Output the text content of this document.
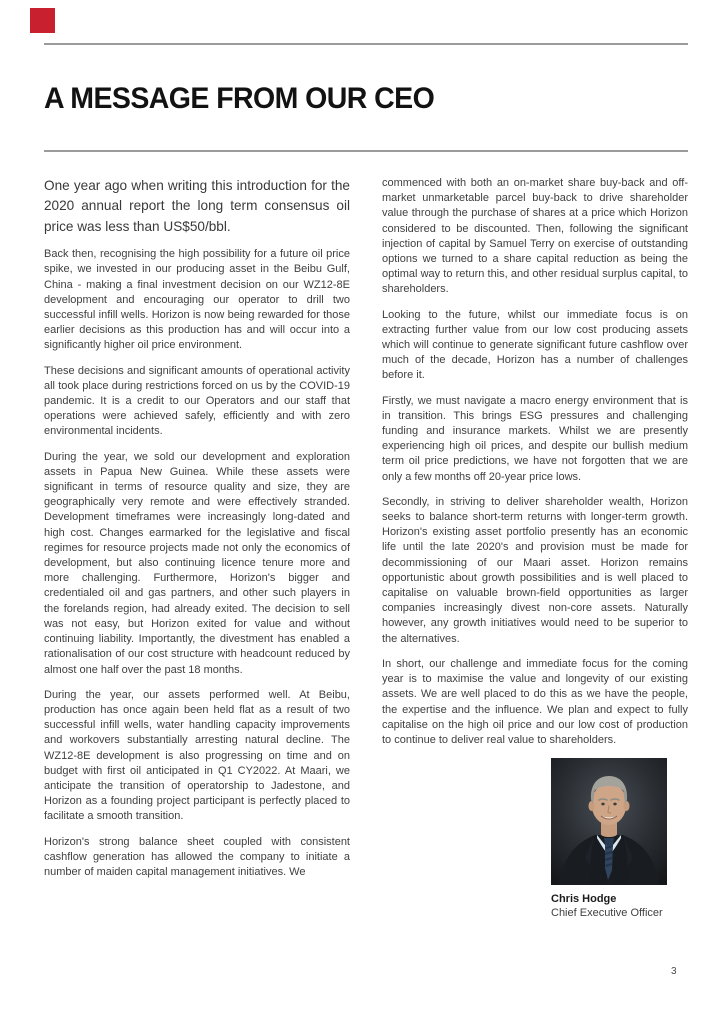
A MESSAGE FROM OUR CEO

One year ago when writing this introduction for the 2020 annual report the long term consensus oil price was less than US$50/bbl.

Back then, recognising the high possibility for a future oil price spike, we invested in our producing asset in the Beibu Gulf, China - making a final investment decision on our WZ12-8E development and encouraging our operator to drill two successful infill wells. Horizon is now being rewarded for those earlier decisions as this production has and will occur into a significantly higher oil price environment.

These decisions and significant amounts of operational activity all took place during restrictions forced on us by the COVID-19 pandemic. It is a credit to our Operators and our staff that operations were achieved safely, efficiently and with zero environmental incidents.

During the year, we sold our development and exploration assets in Papua New Guinea. While these assets were significant in terms of resource quality and size, they are geographically very remote and were effectively stranded. Development timeframes were increasingly long-dated and high cost. Changes earmarked for the legislative and fiscal regimes for resource projects made not only the economics of development, but also continuing licence tenure more and more challenging. Furthermore, Horizon's bigger and credentialed oil and gas partners, and other such players in the forelands region, had already exited. The decision to sell was not easy, but Horizon exited for value and without continuing liability. Importantly, the divestment has enabled a rationalisation of our cost structure with headcount reduced by almost one half over the past 18 months.

During the year, our assets performed well. At Beibu, production has once again been held flat as a result of two successful infill wells, water handling capacity improvements and workovers substantially arresting natural decline. The WZ12-8E development is also progressing on time and on budget with first oil anticipated in Q1 CY2022. At Maari, we anticipate the transition of operatorship to Jadestone, and Horizon as a founding project participant is perfectly placed to facilitate a smooth transition.

Horizon's strong balance sheet coupled with consistent cashflow generation has allowed the company to initiate a number of maiden capital management initiatives. We

commenced with both an on-market share buy-back and off-market unmarketable parcel buy-back to drive shareholder value through the purchase of shares at a price which Horizon considered to be discounted. Then, following the significant injection of capital by Samuel Terry on exercise of outstanding options we turned to a share capital reduction as being the optimal way to return this, and other residual surplus capital, to shareholders.

Looking to the future, whilst our immediate focus is on extracting further value from our low cost producing assets which will continue to generate significant future cashflow over much of the decade, Horizon has a number of challenges before it.

Firstly, we must navigate a macro energy environment that is in transition. This brings ESG pressures and challenging funding and insurance markets. Whilst we are presently experiencing high oil prices, and despite our bullish medium term oil price predictions, we have not forgotten that we are only a few months off 20-year price lows.

Secondly, in striving to deliver shareholder wealth, Horizon seeks to balance short-term returns with longer-term growth. Horizon's existing asset portfolio presently has an economic life until the late 2020's and provision must be made for decommissioning of our Maari asset. Horizon remains opportunistic about growth possibilities and is well placed to capitalise on valuable brown-field opportunities as larger companies increasingly divest non-core assets. Naturally however, any growth initiatives would need to be superior to the alternatives.

In short, our challenge and immediate focus for the coming year is to maximise the value and longevity of our existing assets. We are well placed to do this as we have the people, the expertise and the influence. We plan and expect to fully capitalise on the high oil price and our low cost of production to continue to deliver real value to shareholders.

Chris Hodge
Chief Executive Officer
3
